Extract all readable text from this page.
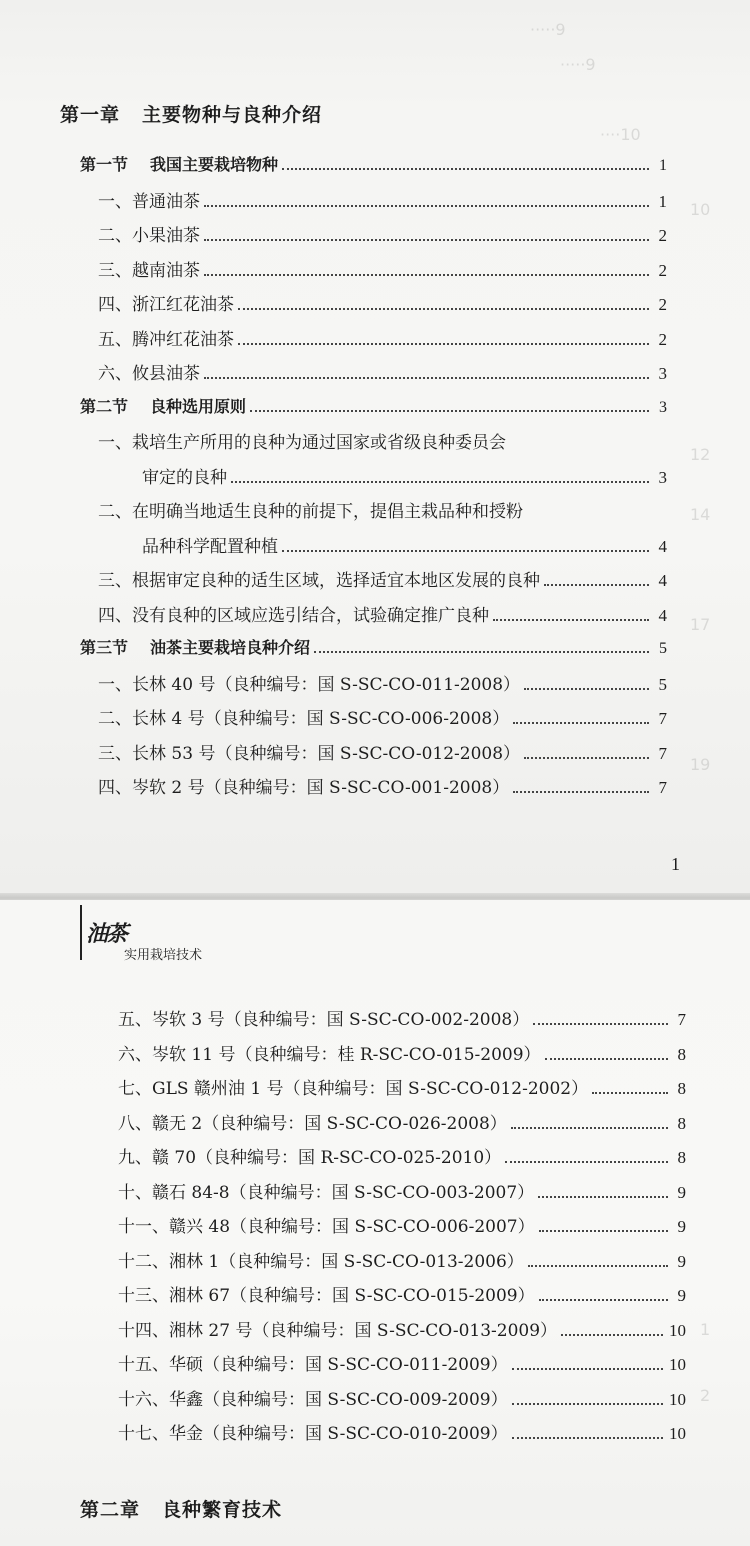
·····9
·····9
····10
10
12
14
17
19
第一章 主要物种与良种介绍
第一节 我国主要栽培物种	1
一、普通油茶	1
二、小果油茶	2
三、越南油茶	2
四、浙江红花油茶	2
五、腾冲红花油茶	2
六、攸县油茶	3
第二节 良种选用原则	3
一、栽培生产所用的良种为通过国家或省级良种委员会
审定的良种	3
二、在明确当地适生良种的前提下，提倡主栽品种和授粉
品种科学配置种植	4
三、根据审定良种的适生区域，选择适宜本地区发展的良种	4
四、没有良种的区域应选引结合，试验确定推广良种	4
第三节 油茶主要栽培良种介绍	5
一、长林 40 号（良种编号：国 S-SC-CO-011-2008）	5
二、长林 4 号（良种编号：国 S-SC-CO-006-2008）	7
三、长林 53 号（良种编号：国 S-SC-CO-012-2008）	7
四、岑软 2 号（良种编号：国 S-SC-CO-001-2008）	7
1
1
2
油茶
实用栽培技术
五、岑软 3 号（良种编号：国 S-SC-CO-002-2008）	7
六、岑软 11 号（良种编号：桂 R-SC-CO-015-2009）	8
七、GLS 赣州油 1 号（良种编号：国 S-SC-CO-012-2002）	8
八、赣无 2（良种编号：国 S-SC-CO-026-2008）	8
九、赣 70（良种编号：国 R-SC-CO-025-2010）	8
十、赣石 84-8（良种编号：国 S-SC-CO-003-2007）	9
十一、赣兴 48（良种编号：国 S-SC-CO-006-2007）	9
十二、湘林 1（良种编号：国 S-SC-CO-013-2006）	9
十三、湘林 67（良种编号：国 S-SC-CO-015-2009）	9
十四、湘林 27 号（良种编号：国 S-SC-CO-013-2009）	10
十五、华硕（良种编号：国 S-SC-CO-011-2009）	10
十六、华鑫（良种编号：国 S-SC-CO-009-2009）	10
十七、华金（良种编号：国 S-SC-CO-010-2009）	10
第二章 良种繁育技术
